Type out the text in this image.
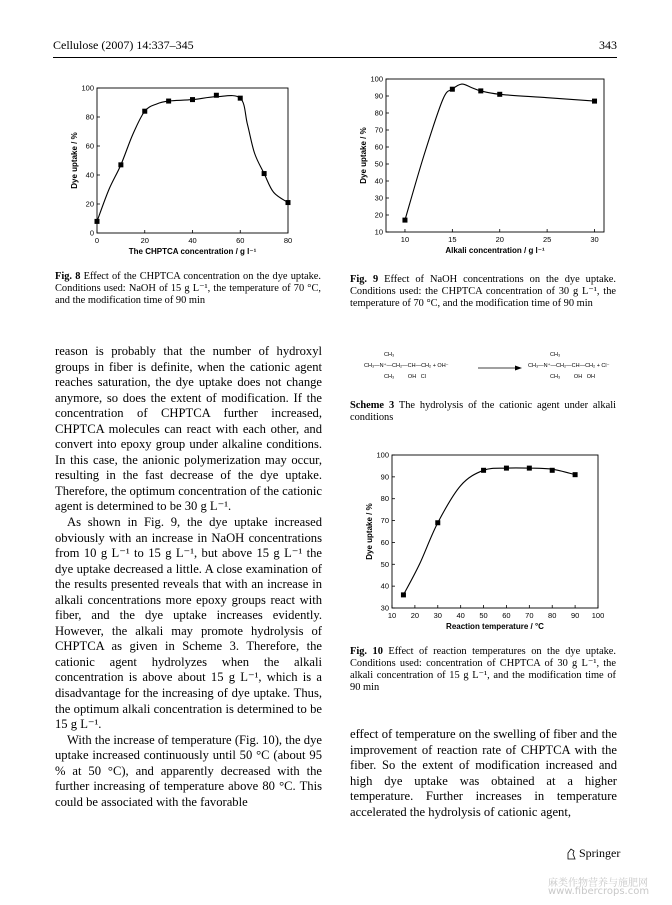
Cellulose (2007) 14:337–345	343
0	20	40	60	80
0
20
40
60
80
100
The CHPTCA concentration / g l⁻¹
Dye uptake / %
Fig. 8 Effect of the CHPTCA concentration on the dye uptake. Conditions used: NaOH of 15 g L⁻¹, the temperature of 70 °C, and the modification time of 90 min
10	15	20	25	30
10
20
30
40
50
60
70
80
90
100
Alkali concentration / g l⁻¹
Dye uptake / %
Fig. 9 Effect of NaOH concentrations on the dye uptake. Conditions used: the CHPTCA concentration of 30 g L⁻¹, the temperature of 70 °C, and the modification time of 90 min

reason is probably that the number of hydroxyl groups in fiber is definite, when the cationic agent reaches saturation, the dye uptake does not change anymore, so does the extent of modification. If the concentration of CHPTCA further increased, CHPTCA molecules can react with each other, and convert into epoxy group under alkaline conditions. In this case, the anionic polymerization may occur, resulting in the fast decrease of the dye uptake. Therefore, the optimum concentration of the cationic agent is determined to be 30 g L⁻¹.

As shown in Fig. 9, the dye uptake increased obviously with an increase in NaOH concentrations from 10 g L⁻¹ to 15 g L⁻¹, but above 15 g L⁻¹ the dye uptake decreased a little. A close examination of the results presented reveals that with an increase in alkali concentrations more epoxy groups react with fiber, and the dye uptake increases evidently. However, the alkali may promote hydrolysis of CHPTCA as given in Scheme 3. Therefore, the cationic agent hydrolyzes when the alkali concentration is above about 15 g L⁻¹, which is a disadvantage for the increasing of dye uptake. Thus, the optimum alkali concentration is determined to be 15 g L⁻¹.

With the increase of temperature (Fig. 10), the dye uptake increased continuously until 50 °C (about 95 % at 50 °C), and apparently decreased with the further increasing of temperature above 80 °C. This could be associated with the favorable

CH₃
CH₃—N⁺—CH₂—CH—CH₂ + OH⁻
CH₃         OH   Cl
CH₃
CH₃—N⁺—CH₂—CH—CH₂ + Cl⁻
CH₃         OH   OH
Scheme 3 The hydrolysis of the cationic agent under alkali conditions
10 20 30 40 50 60 70 80 90 100
30
40
50
60
70
80
90
100
Reaction temperature / °C
Dye uptake / %
Fig. 10 Effect of reaction temperatures on the dye uptake. Conditions used: concentration of CHPTCA of 30 g L⁻¹, the alkali concentration of 15 g L⁻¹, and the modification time of 90 min

effect of temperature on the swelling of fiber and the improvement of reaction rate of CHPTCA with the fiber. So the extent of modification increased and high dye uptake was obtained at a higher temperature. Further increases in temperature accelerated the hydrolysis of cationic agent,

Springer
麻类作物营养与施肥网
www.fibercrops.com
